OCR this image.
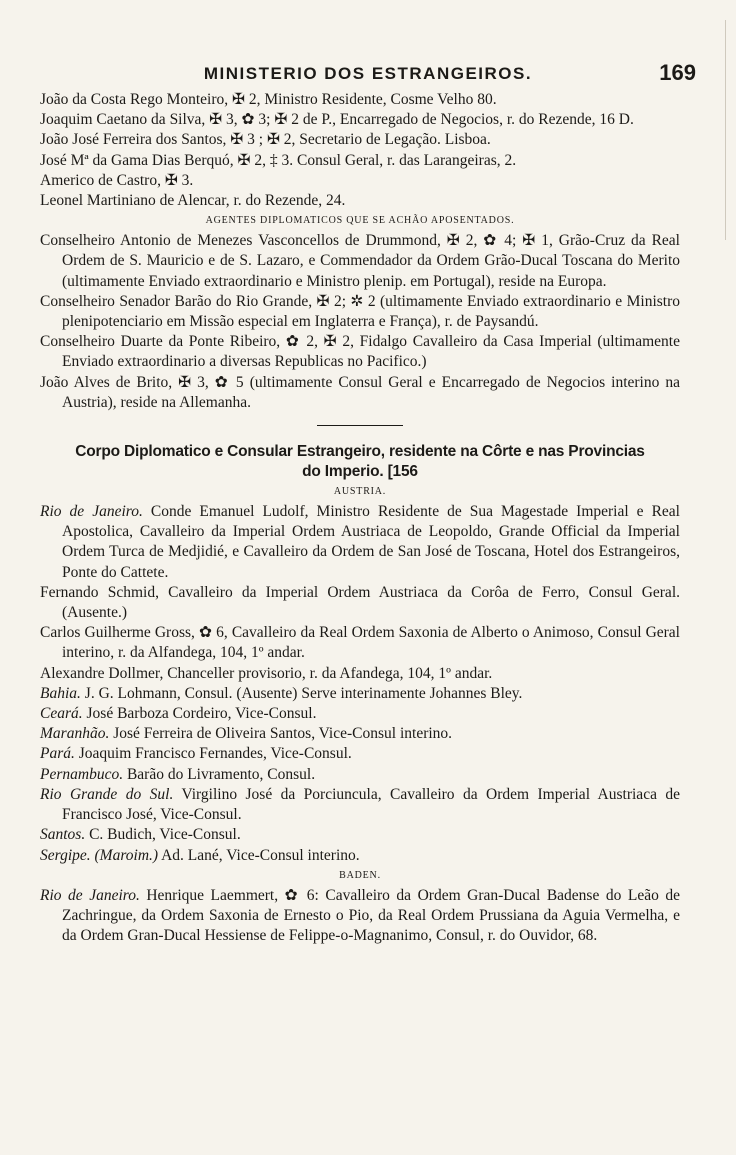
MINISTERIO DOS ESTRANGEIROS.	169
João da Costa Rego Monteiro, ✠ 2, Ministro Residente, Cosme Velho 80.
Joaquim Caetano da Silva, ✠ 3, ✿ 3; ✠ 2 de P., Encarregado de Negocios, r. do Rezende, 16 D.
João José Ferreira dos Santos, ✠ 3 ; ✠ 2, Secretario de Legação. Lisboa.
José Mª da Gama Dias Berquó, ✠ 2, ‡ 3. Consul Geral, r. das Larangeiras, 2.
Americo de Castro, ✠ 3.
Leonel Martiniano de Alencar, r. do Rezende, 24.
AGENTES DIPLOMATICOS QUE SE ACHÃO APOSENTADOS.
Conselheiro Antonio de Menezes Vasconcellos de Drummond, ✠ 2, ✿ 4; ✠ 1, Grão-Cruz da Real Ordem de S. Mauricio e de S. Lazaro, e Commendador da Ordem Grão-Ducal Toscana do Merito (ultimamente Enviado extraordinario e Ministro plenip. em Portugal), reside na Europa.
Conselheiro Senador Barão do Rio Grande, ✠ 2; ✲ 2 (ultimamente Enviado extraordinario e Ministro plenipotenciario em Missão especial em Inglaterra e França), r. de Paysandú.
Conselheiro Duarte da Ponte Ribeiro, ✿ 2, ✠ 2, Fidalgo Cavalleiro da Casa Imperial (ultimamente Enviado extraordinario a diversas Republicas no Pacifico.)
João Alves de Brito, ✠ 3, ✿ 5 (ultimamente Consul Geral e Encarregado de Negocios interino na Austria), reside na Allemanha.
Corpo Diplomatico e Consular Estrangeiro, residente na Côrte e nas Provincias
do Imperio. [156
AUSTRIA.
Rio de Janeiro. Conde Emanuel Ludolf, Ministro Residente de Sua Magestade Imperial e Real Apostolica, Cavalleiro da Imperial Ordem Austriaca de Leopoldo, Grande Official da Imperial Ordem Turca de Medjidié, e Cavalleiro da Ordem de San José de Toscana, Hotel dos Estrangeiros, Ponte do Cattete.
Fernando Schmid, Cavalleiro da Imperial Ordem Austriaca da Corôa de Ferro, Consul Geral. (Ausente.)
Carlos Guilherme Gross, ✿ 6, Cavalleiro da Real Ordem Saxonia de Alberto o Animoso, Consul Geral interino, r. da Alfandega, 104, 1º andar.
Alexandre Dollmer, Chanceller provisorio, r. da Afandega, 104, 1º andar.
Bahia. J. G. Lohmann, Consul. (Ausente) Serve interinamente Johannes Bley.
Ceará. José Barboza Cordeiro, Vice-Consul.
Maranhão. José Ferreira de Oliveira Santos, Vice-Consul interino.
Pará. Joaquim Francisco Fernandes, Vice-Consul.
Pernambuco. Barão do Livramento, Consul.
Rio Grande do Sul. Virgilino José da Porciuncula, Cavalleiro da Ordem Imperial Austriaca de Francisco José, Vice-Consul.
Santos. C. Budich, Vice-Consul.
Sergipe. (Maroim.) Ad. Lané, Vice-Consul interino.
BADEN.
Rio de Janeiro. Henrique Laemmert, ✿ 6: Cavalleiro da Ordem Gran-Ducal Badense do Leão de Zachringue, da Ordem Saxonia de Ernesto o Pio, da Real Ordem Prussiana da Aguia Vermelha, e da Ordem Gran-Ducal Hessiense de Felippe-o-Magnanimo, Consul, r. do Ouvidor, 68.
